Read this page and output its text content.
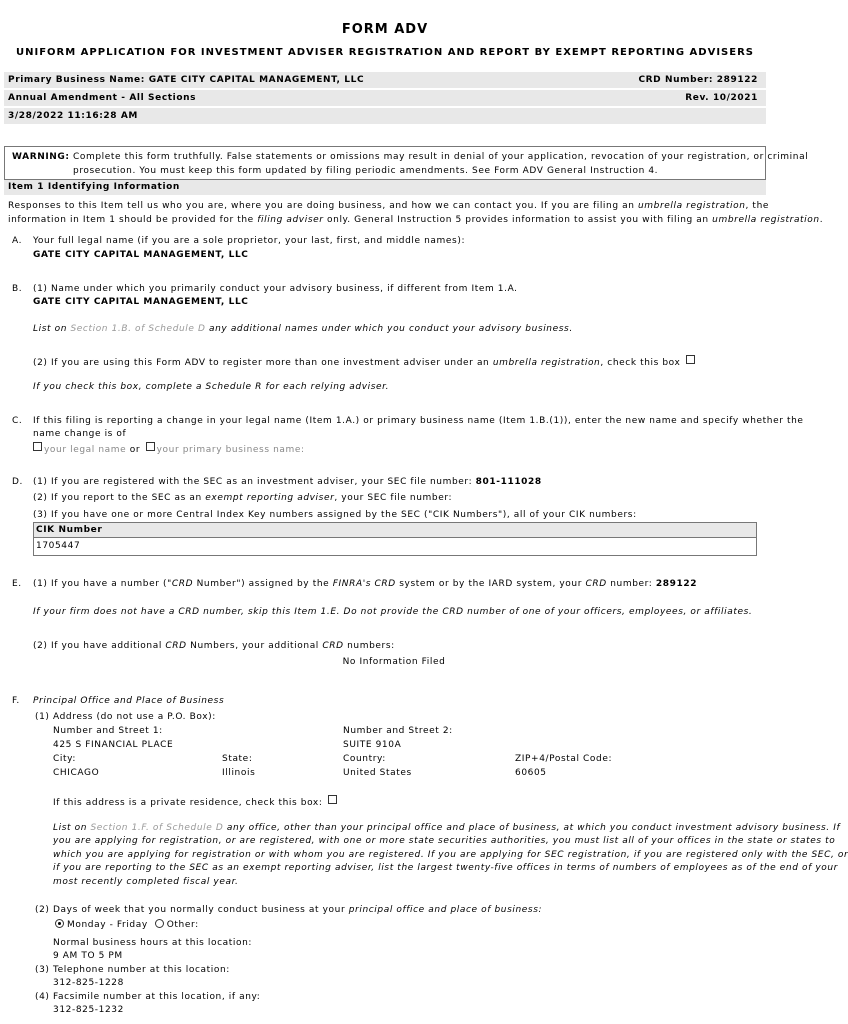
FORM ADV
UNIFORM APPLICATION FOR INVESTMENT ADVISER REGISTRATION AND REPORT BY EXEMPT REPORTING ADVISERS
Primary Business Name: GATE CITY CAPITAL MANAGEMENT, LLC	CRD Number: 289122
Annual Amendment - All Sections	Rev. 10/2021
3/28/2022 11:16:28 AM
WARNING: Complete this form truthfully. False statements or omissions may result in denial of your application, revocation of your registration, or criminal
prosecution. You must keep this form updated by filing periodic amendments. See Form ADV General Instruction 4.
Item 1 Identifying Information
Responses to this Item tell us who you are, where you are doing business, and how we can contact you. If you are filing an umbrella registration, the
information in Item 1 should be provided for the filing adviser only. General Instruction 5 provides information to assist you with filing an umbrella registration.
A. Your full legal name (if you are a sole proprietor, your last, first, and middle names):
GATE CITY CAPITAL MANAGEMENT, LLC
B. (1) Name under which you primarily conduct your advisory business, if different from Item 1.A.
GATE CITY CAPITAL MANAGEMENT, LLC
List on Section 1.B. of Schedule D any additional names under which you conduct your advisory business.
(2) If you are using this Form ADV to register more than one investment adviser under an umbrella registration, check this box
If you check this box, complete a Schedule R for each relying adviser.
C. If this filing is reporting a change in your legal name (Item 1.A.) or primary business name (Item 1.B.(1)), enter the new name and specify whether the
name change is of
your legal name or your primary business name:
D. (1) If you are registered with the SEC as an investment adviser, your SEC file number: 801-111028
(2) If you report to the SEC as an exempt reporting adviser, your SEC file number:
(3) If you have one or more Central Index Key numbers assigned by the SEC ("CIK Numbers"), all of your CIK numbers:
CIK Number
1705447
E. (1) If you have a number ("CRD Number") assigned by the FINRA's CRD system or by the IARD system, your CRD number: 289122
If your firm does not have a CRD number, skip this Item 1.E. Do not provide the CRD number of one of your officers, employees, or affiliates.
(2) If you have additional CRD Numbers, your additional CRD numbers:
No Information Filed
F. Principal Office and Place of Business
(1) Address (do not use a P.O. Box):
Number and Street 1:	Number and Street 2:
425 S FINANCIAL PLACE	SUITE 910A
City:	State:	Country:	ZIP+4/Postal Code:
CHICAGO	Illinois	United States	60605
If this address is a private residence, check this box:
List on Section 1.F. of Schedule D any office, other than your principal office and place of business, at which you conduct investment advisory business. If
you are applying for registration, or are registered, with one or more state securities authorities, you must list all of your offices in the state or states to
which you are applying for registration or with whom you are registered. If you are applying for SEC registration, if you are registered only with the SEC, or
if you are reporting to the SEC as an exempt reporting adviser, list the largest twenty-five offices in terms of numbers of employees as of the end of your
most recently completed fiscal year.
(2) Days of week that you normally conduct business at your principal office and place of business:
Monday - Friday Other:
Normal business hours at this location:
9 AM TO 5 PM
(3) Telephone number at this location:
312-825-1228
(4) Facsimile number at this location, if any:
312-825-1232
